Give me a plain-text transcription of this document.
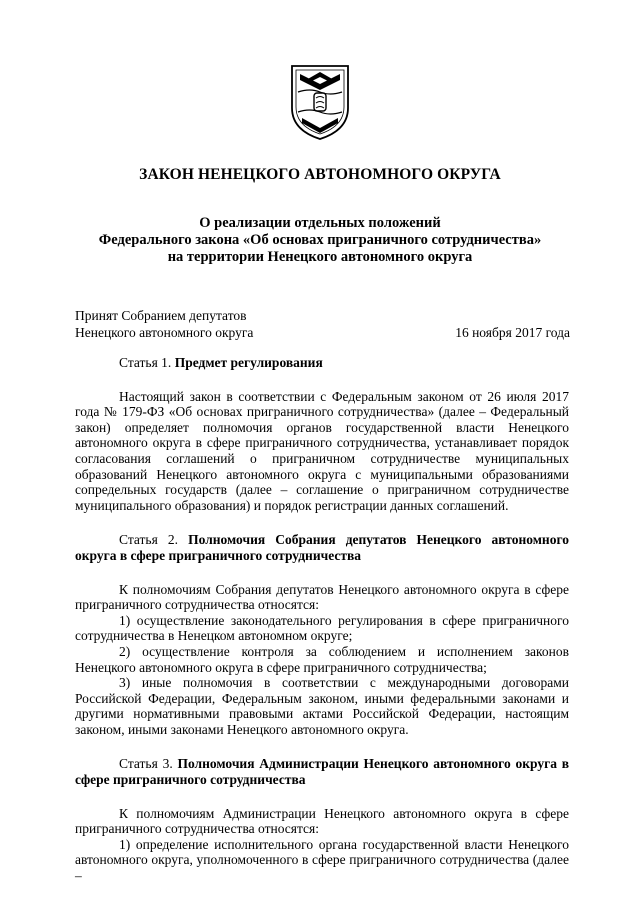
ЗАКОН НЕНЕЦКОГО АВТОНОМНОГО ОКРУГА
О реализации отдельных положений
Федерального закона «Об основах приграничного сотрудничества»
на территории Ненецкого автономного округа
Принят Собранием депутатов
Ненецкого автономного округа	16 ноября 2017 года
Статья 1. Предмет регулирования

Настоящий закон в соответствии с Федеральным законом от 26 июля 2017 года № 179-ФЗ «Об основах приграничного сотрудничества» (далее – Федеральный закон) определяет полномочия органов государственной власти Ненецкого автономного округа в сфере приграничного сотрудничества, устанавливает порядок согласования соглашений о приграничном сотрудничестве муниципальных образований Ненецкого автономного округа с муниципальными образованиями сопредельных государств (далее – соглашение о приграничном сотрудничестве муниципального образования) и порядок регистрации данных соглашений.

Статья 2. Полномочия Собрания депутатов Ненецкого автономного округа в сфере приграничного сотрудничества

К полномочиям Собрания депутатов Ненецкого автономного округа в сфере приграничного сотрудничества относятся:

1) осуществление законодательного регулирования в сфере приграничного сотрудничества в Ненецком автономном округе;

2) осуществление контроля за соблюдением и исполнением законов Ненецкого автономного округа в сфере приграничного сотрудничества;

3) иные полномочия в соответствии с международными договорами Российской Федерации, Федеральным законом, иными федеральными законами и другими нормативными правовыми актами Российской Федерации, настоящим законом, иными законами Ненецкого автономного округа.

Статья 3. Полномочия Администрации Ненецкого автономного округа в сфере приграничного сотрудничества

К полномочиям Администрации Ненецкого автономного округа в сфере приграничного сотрудничества относятся:

1) определение исполнительного органа государственной власти Ненецкого автономного округа, уполномоченного в сфере приграничного сотрудничества (далее –
